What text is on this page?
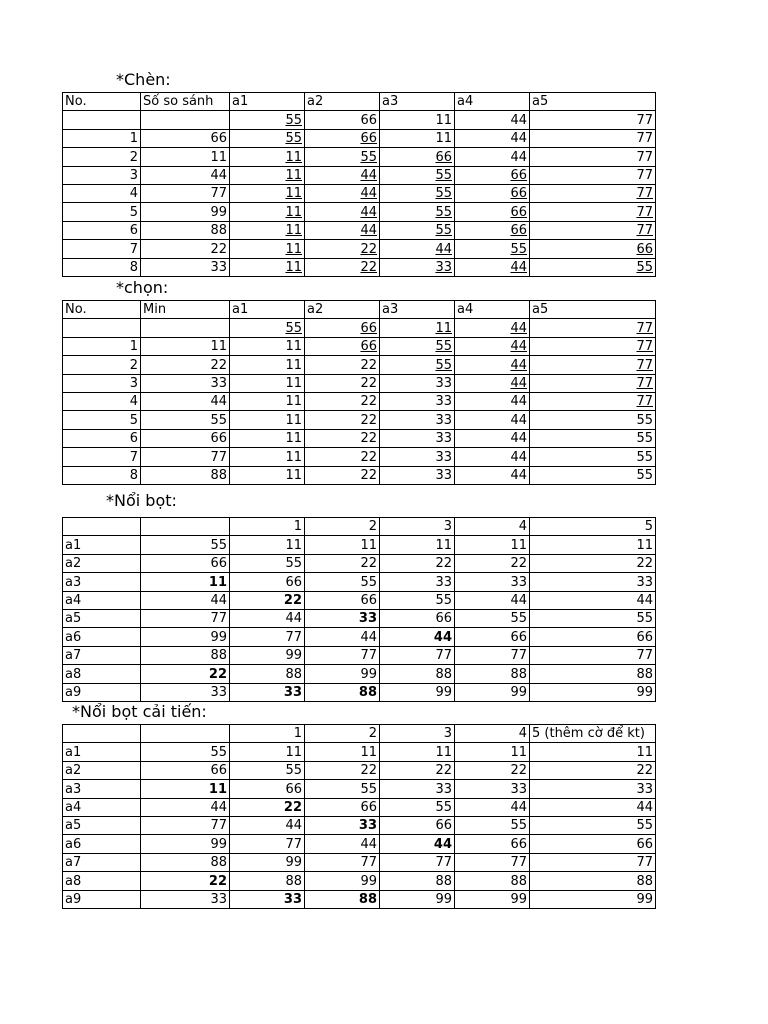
*Chèn:
No.	Số so sánh	a1	a2	a3	a4	a5
		55	66	11	44	77
1	66	55	66	11	44	77
2	11	11	55	66	44	77
3	44	11	44	55	66	77
4	77	11	44	55	66	77
5	99	11	44	55	66	77
6	88	11	44	55	66	77
7	22	11	22	44	55	66
8	33	11	22	33	44	55
*chọn:
No.	Min	a1	a2	a3	a4	a5
		55	66	11	44	77
1	11	11	66	55	44	77
2	22	11	22	55	44	77
3	33	11	22	33	44	77
4	44	11	22	33	44	77
5	55	11	22	33	44	55
6	66	11	22	33	44	55
7	77	11	22	33	44	55
8	88	11	22	33	44	55
*Nổi bọt:
		1	2	3	4	5
a1	55	11	11	11	11	11
a2	66	55	22	22	22	22
a3	11	66	55	33	33	33
a4	44	22	66	55	44	44
a5	77	44	33	66	55	55
a6	99	77	44	44	66	66
a7	88	99	77	77	77	77
a8	22	88	99	88	88	88
a9	33	33	88	99	99	99
*Nổi bọt cải tiến:
		1	2	3	4	5 (thêm cờ để kt)
a1	55	11	11	11	11	11
a2	66	55	22	22	22	22
a3	11	66	55	33	33	33
a4	44	22	66	55	44	44
a5	77	44	33	66	55	55
a6	99	77	44	44	66	66
a7	88	99	77	77	77	77
a8	22	88	99	88	88	88
a9	33	33	88	99	99	99
